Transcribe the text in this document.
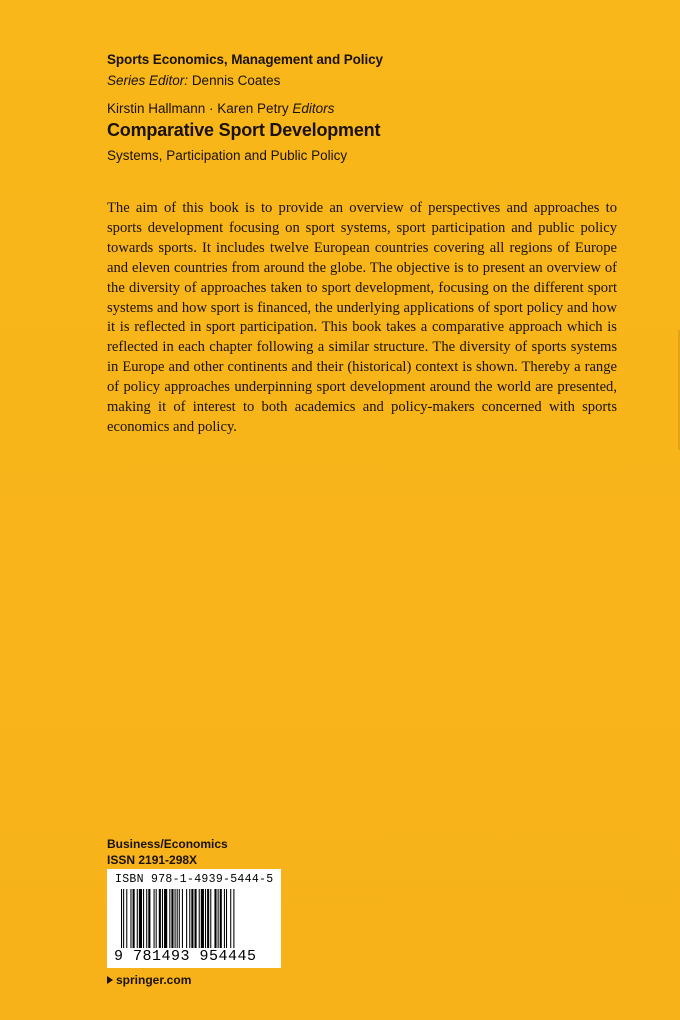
Sports Economics, Management and Policy
Series Editor: Dennis Coates
Kirstin Hallmann · Karen Petry Editors
Comparative Sport Development
Systems, Participation and Public Policy

The aim of this book is to provide an overview of perspectives and approaches to sports development focusing on sport systems, sport participation and public policy towards sports. It includes twelve European countries covering all regions of Europe and eleven countries from around the globe. The objective is to present an overview of the diversity of approaches taken to sport development, focusing on the different sport systems and how sport is financed, the underlying applications of sport policy and how it is reflected in sport participation. This book takes a comparative approach which is reflected in each chapter following a similar structure. The diversity of sports systems in Europe and other continents and their (historical) context is shown. Thereby a range of policy approaches underpinning sport development around the world are presented, making it of interest to both academics and policy-makers concerned with sports economics and policy.

Business/Economics
ISSN 2191-298X
ISBN 978-1-4939-5444-5
9 781493 954445
springer.com
